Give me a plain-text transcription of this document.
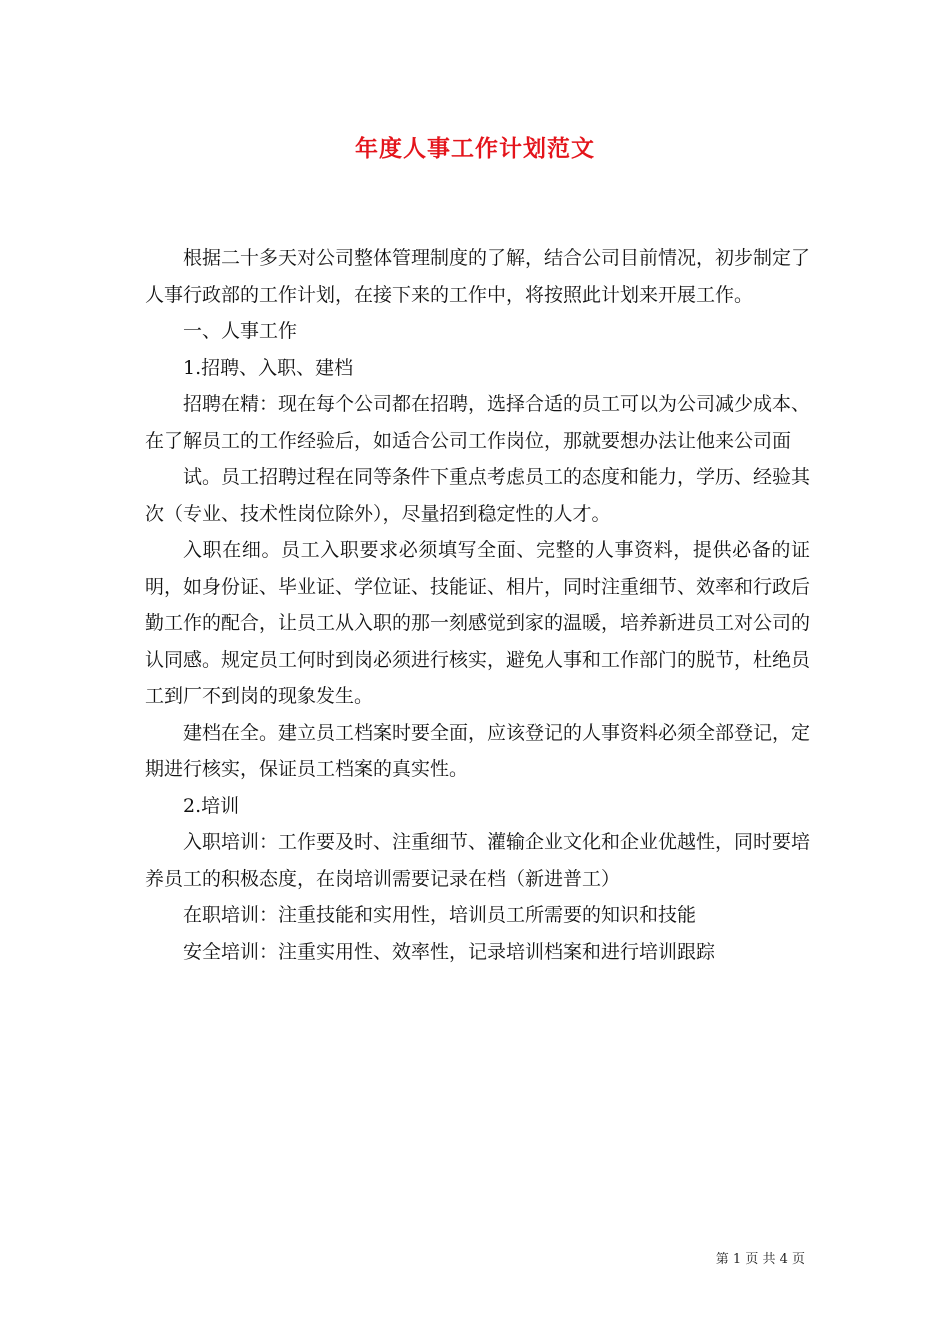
年度人事工作计划范文

根据二十多天对公司整体管理制度的了解，结合公司目前情况，初步制定了人事行政部的工作计划，在接下来的工作中，将按照此计划来开展工作。

一、人事工作

1.招聘、入职、建档

招聘在精：现在每个公司都在招聘，选择合适的员工可以为公司减少成本、在了解员工的工作经验后，如适合公司工作岗位，那就要想办法让他来公司面

试。员工招聘过程在同等条件下重点考虑员工的态度和能力，学历、经验其次（专业、技术性岗位除外），尽量招到稳定性的人才。

入职在细。员工入职要求必须填写全面、完整的人事资料，提供必备的证明，如身份证、毕业证、学位证、技能证、相片，同时注重细节、效率和行政后勤工作的配合，让员工从入职的那一刻感觉到家的温暖，培养新进员工对公司的认同感。规定员工何时到岗必须进行核实，避免人事和工作部门的脱节，杜绝员工到厂不到岗的现象发生。

建档在全。建立员工档案时要全面，应该登记的人事资料必须全部登记，定期进行核实，保证员工档案的真实性。

2.培训

入职培训：工作要及时、注重细节、灌输企业文化和企业优越性，同时要培养员工的积极态度，在岗培训需要记录在档（新进普工）

在职培训：注重技能和实用性，培训员工所需要的知识和技能

安全培训：注重实用性、效率性，记录培训档案和进行培训跟踪

第 1 页 共 4 页
